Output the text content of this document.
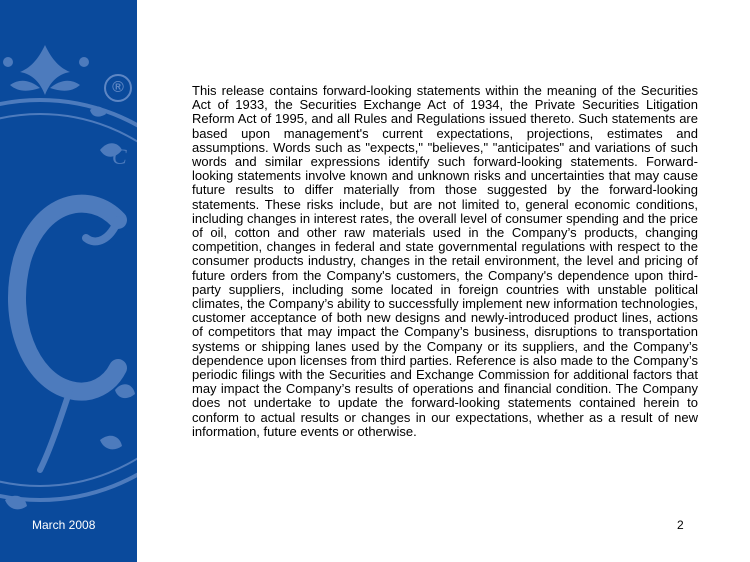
C
®
March 2008

This release contains forward-looking statements within the meaning of the Securities Act of 1933, the Securities Exchange Act of 1934, the Private Securities Litigation Reform Act of 1995, and all Rules and Regulations issued thereto. Such statements are based upon management's current expectations, projections, estimates and assumptions. Words such as "expects," "believes," "anticipates" and variations of such words and similar expressions identify such forward-looking statements. Forward-looking statements involve known and unknown risks and uncertainties that may cause future results to differ materially from those suggested by the forward-looking statements. These risks include, but are not limited to, general economic conditions, including changes in interest rates, the overall level of consumer spending and the price of oil, cotton and other raw materials used in the Company’s products, changing competition, changes in federal and state governmental regulations with respect to the consumer products industry, changes in the retail environment, the level and pricing of future orders from the Company's customers, the Company's dependence upon third-party suppliers, including some located in foreign countries with unstable political climates, the Company’s ability to successfully implement new information technologies, customer acceptance of both new designs and newly-introduced product lines, actions of competitors that may impact the Company’s business, disruptions to transportation systems or shipping lanes used by the Company or its suppliers, and the Company’s dependence upon licenses from third parties. Reference is also made to the Company’s periodic filings with the Securities and Exchange Commission for additional factors that may impact the Company’s results of operations and financial condition. The Company does not undertake to update the forward-looking statements contained herein to conform to actual results or changes in our expectations, whether as a result of new information, future events or otherwise.

2
